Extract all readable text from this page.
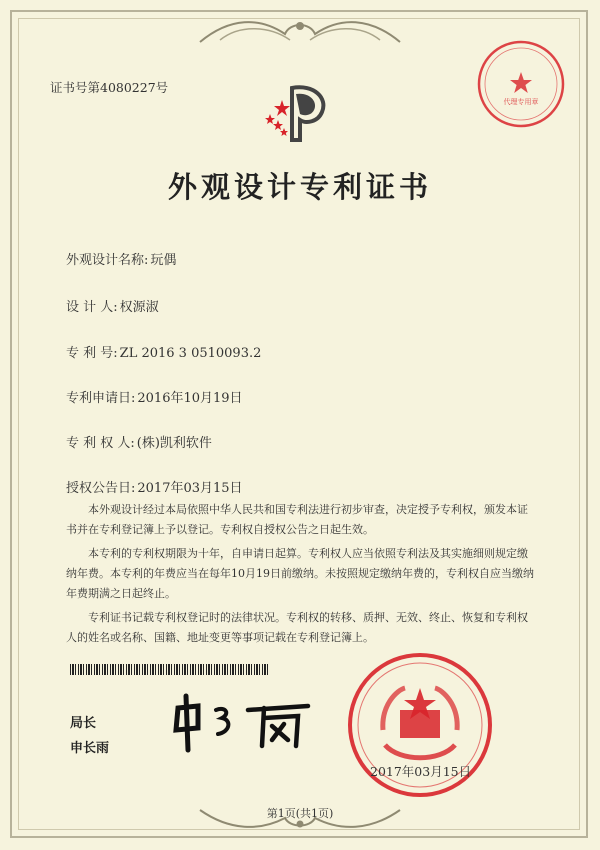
证书号第4080227号
代理专用章
外观设计专利证书
外观设计名称: 玩偶
设 计 人: 权源淑
专 利 号: ZL 2016 3 0510093.2
专利申请日: 2016年10月19日
专 利 权 人: (株)凯利软件
授权公告日: 2017年03月15日

本外观设计经过本局依照中华人民共和国专利法进行初步审查，决定授予专利权，颁发本证书并在专利登记簿上予以登记。专利权自授权公告之日起生效。

本专利的专利权期限为十年，自申请日起算。专利权人应当依照专利法及其实施细则规定缴纳年费。本专利的年费应当在每年10月19日前缴纳。未按照规定缴纳年费的，专利权自应当缴纳年费期满之日起终止。

专利证书记载专利权登记时的法律状况。专利权的转移、质押、无效、终止、恢复和专利权人的姓名或名称、国籍、地址变更等事项记载在专利登记簿上。

局长
申长雨
2017年03月15日
第1页(共1页)
